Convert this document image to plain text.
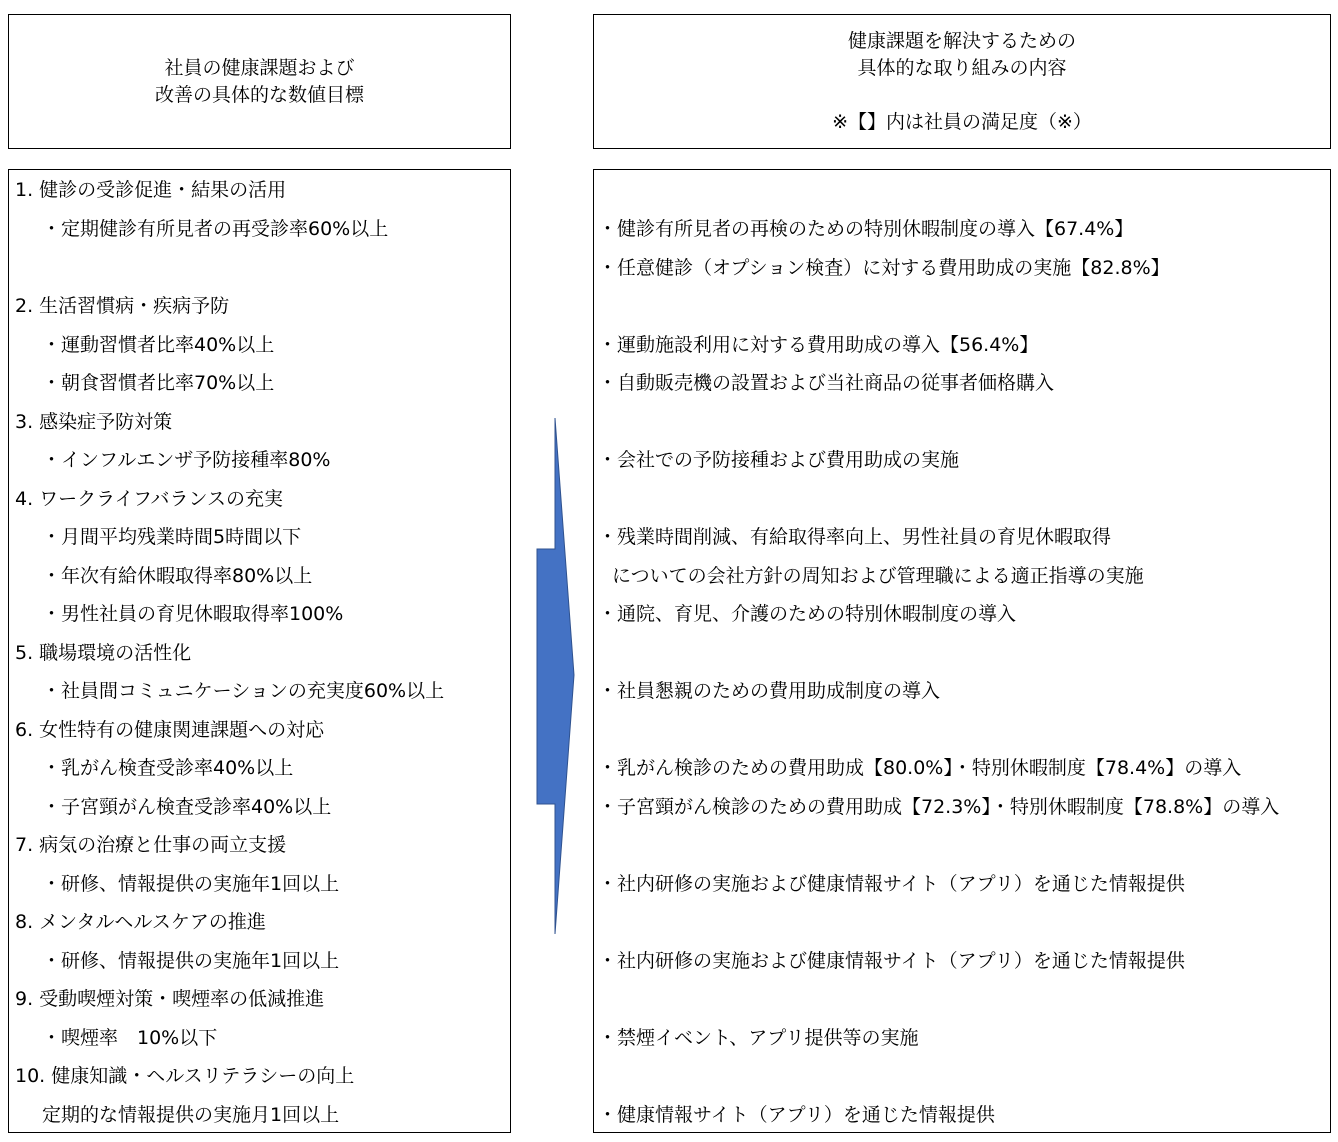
社員の健康課題および
改善の具体的な数値目標
健康課題を解決するための
具体的な取り組みの内容

※【】内は社員の満足度（※）
1. 健診の受診促進・結果の活用
・定期健診有所見者の再受診率60%以上
2. 生活習慣病・疾病予防
・運動習慣者比率40%以上
・朝食習慣者比率70%以上
3. 感染症予防対策
・インフルエンザ予防接種率80%
4. ワークライフバランスの充実
・月間平均残業時間5時間以下
・年次有給休暇取得率80%以上
・男性社員の育児休暇取得率100%
5. 職場環境の活性化
・社員間コミュニケーションの充実度60%以上
6. 女性特有の健康関連課題への対応
・乳がん検査受診率40%以上
・子宮頸がん検査受診率40%以上
7. 病気の治療と仕事の両立支援
・研修、情報提供の実施年1回以上
8. メンタルヘルスケアの推進
・研修、情報提供の実施年1回以上
9. 受動喫煙対策・喫煙率の低減推進
・喫煙率　10%以下
10. 健康知識・ヘルスリテラシーの向上
定期的な情報提供の実施月1回以上
・健診有所見者の再検のための特別休暇制度の導入【67.4%】
・任意健診（オプション検査）に対する費用助成の実施【82.8%】
・運動施設利用に対する費用助成の導入【56.4%】
・自動販売機の設置および当社商品の従事者価格購入
・会社での予防接種および費用助成の実施
・残業時間削減、有給取得率向上、男性社員の育児休暇取得
についての会社方針の周知および管理職による適正指導の実施
・通院、育児、介護のための特別休暇制度の導入
・社員懇親のための費用助成制度の導入
・乳がん検診のための費用助成【80.0%】・特別休暇制度【78.4%】の導入
・子宮頸がん検診のための費用助成【72.3%】・特別休暇制度【78.8%】の導入
・社内研修の実施および健康情報サイト（アプリ）を通じた情報提供
・社内研修の実施および健康情報サイト（アプリ）を通じた情報提供
・禁煙イベント、アプリ提供等の実施
・健康情報サイト（アプリ）を通じた情報提供
